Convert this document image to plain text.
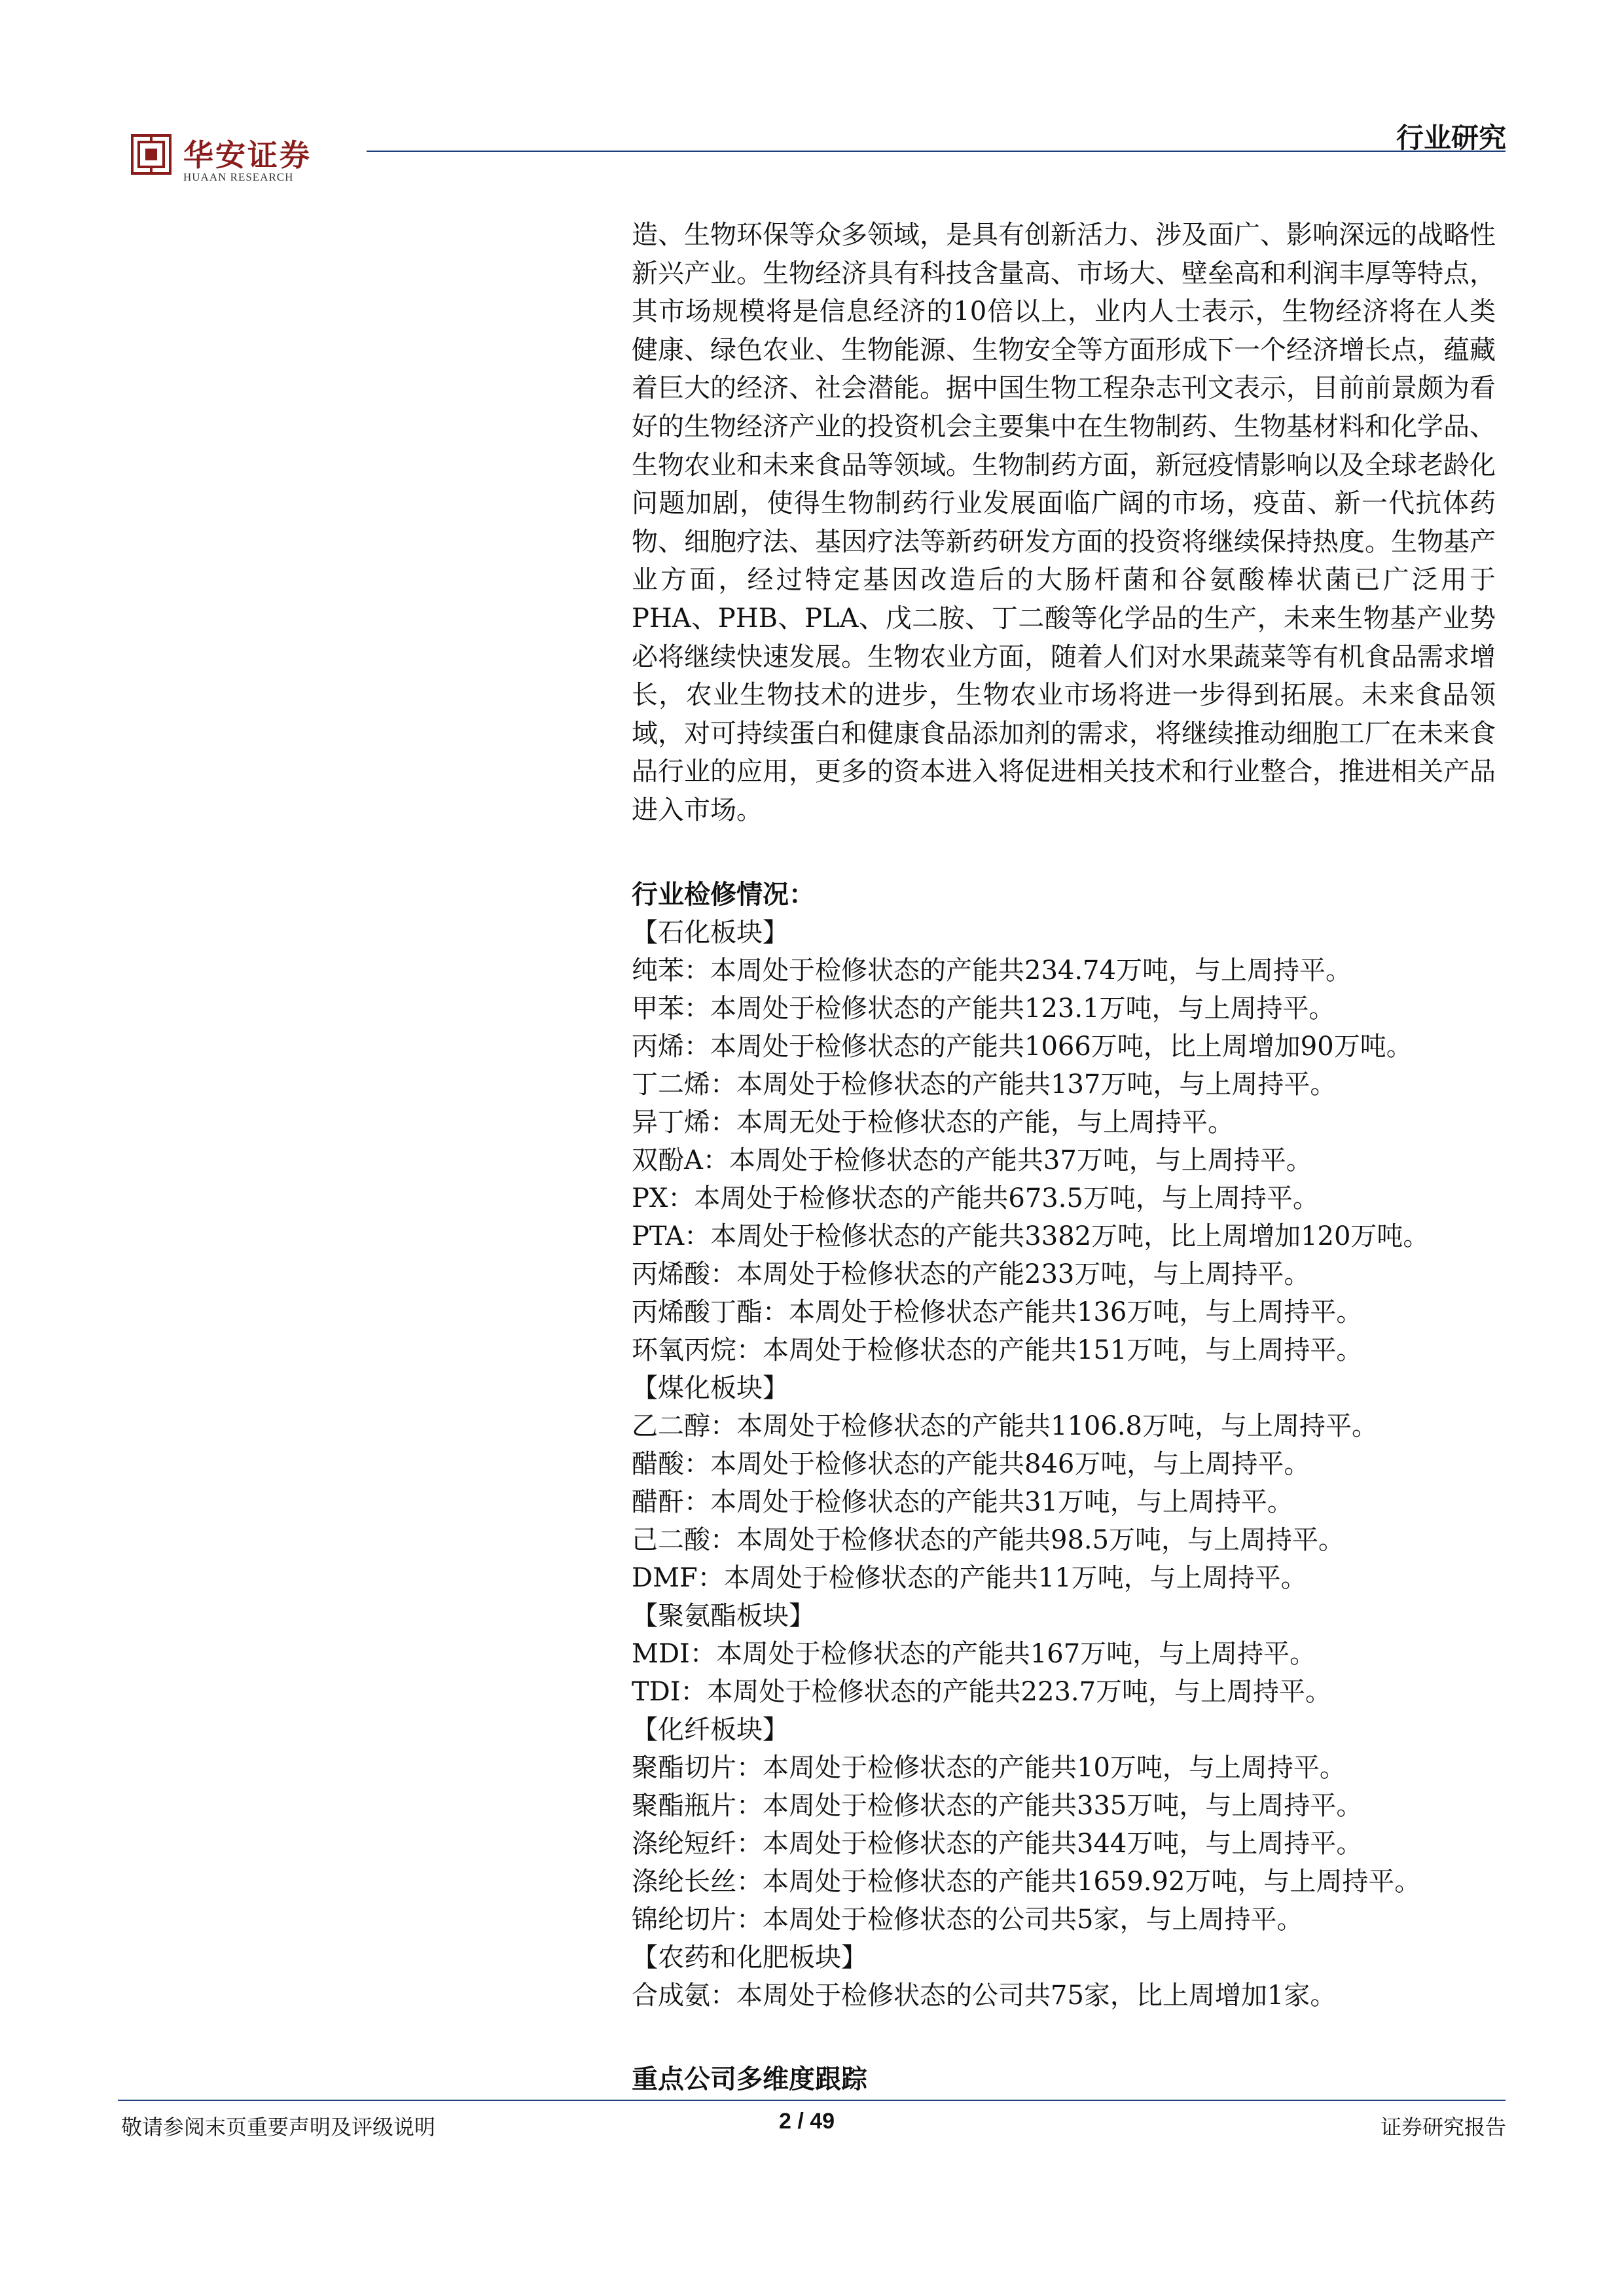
华安证券
HUAAN RESEARCH
行业研究

造、生物环保等众多领域，是具有创新活力、涉及面广、影响深远的战略性新兴产业。生物经济具有科技含量高、市场大、壁垒高和利润丰厚等特点，其市场规模将是信息经济的10倍以上，业内人士表示，生物经济将在人类健康、绿色农业、生物能源、生物安全等方面形成下一个经济增长点，蕴藏着巨大的经济、社会潜能。据中国生物工程杂志刊文表示，目前前景颇为看好的生物经济产业的投资机会主要集中在生物制药、生物基材料和化学品、生物农业和未来食品等领域。生物制药方面，新冠疫情影响以及全球老龄化问题加剧，使得生物制药行业发展面临广阔的市场，疫苗、新一代抗体药物、细胞疗法、基因疗法等新药研发方面的投资将继续保持热度。生物基产业方面，经过特定基因改造后的大肠杆菌和谷氨酸棒状菌已广泛用于PHA、PHB、PLA、戊二胺、丁二酸等化学品的生产，未来生物基产业势必将继续快速发展。生物农业方面，随着人们对水果蔬菜等有机食品需求增长，农业生物技术的进步，生物农业市场将进一步得到拓展。未来食品领域，对可持续蛋白和健康食品添加剂的需求，将继续推动细胞工厂在未来食品行业的应用，更多的资本进入将促进相关技术和行业整合，推进相关产品进入市场。

行业检修情况：

【石化板块】
纯苯：本周处于检修状态的产能共234.74万吨，与上周持平。
甲苯：本周处于检修状态的产能共123.1万吨，与上周持平。
丙烯：本周处于检修状态的产能共1066万吨，比上周增加90万吨。
丁二烯：本周处于检修状态的产能共137万吨，与上周持平。
异丁烯：本周无处于检修状态的产能，与上周持平。
双酚A：本周处于检修状态的产能共37万吨，与上周持平。
PX：本周处于检修状态的产能共673.5万吨，与上周持平。
PTA：本周处于检修状态的产能共3382万吨，比上周增加120万吨。
丙烯酸：本周处于检修状态的产能233万吨，与上周持平。
丙烯酸丁酯：本周处于检修状态产能共136万吨，与上周持平。
环氧丙烷：本周处于检修状态的产能共151万吨，与上周持平。
【煤化板块】
乙二醇：本周处于检修状态的产能共1106.8万吨，与上周持平。
醋酸：本周处于检修状态的产能共846万吨，与上周持平。
醋酐：本周处于检修状态的产能共31万吨，与上周持平。
己二酸：本周处于检修状态的产能共98.5万吨，与上周持平。
DMF：本周处于检修状态的产能共11万吨，与上周持平。
【聚氨酯板块】
MDI：本周处于检修状态的产能共167万吨，与上周持平。
TDI：本周处于检修状态的产能共223.7万吨，与上周持平。
【化纤板块】
聚酯切片：本周处于检修状态的产能共10万吨，与上周持平。
聚酯瓶片：本周处于检修状态的产能共335万吨，与上周持平。
涤纶短纤：本周处于检修状态的产能共344万吨，与上周持平。
涤纶长丝：本周处于检修状态的产能共1659.92万吨，与上周持平。
锦纶切片：本周处于检修状态的公司共5家，与上周持平。
【农药和化肥板块】
合成氨：本周处于检修状态的公司共75家，比上周增加1家。

重点公司多维度跟踪

敬请参阅末页重要声明及评级说明	2 / 49	证券研究报告
